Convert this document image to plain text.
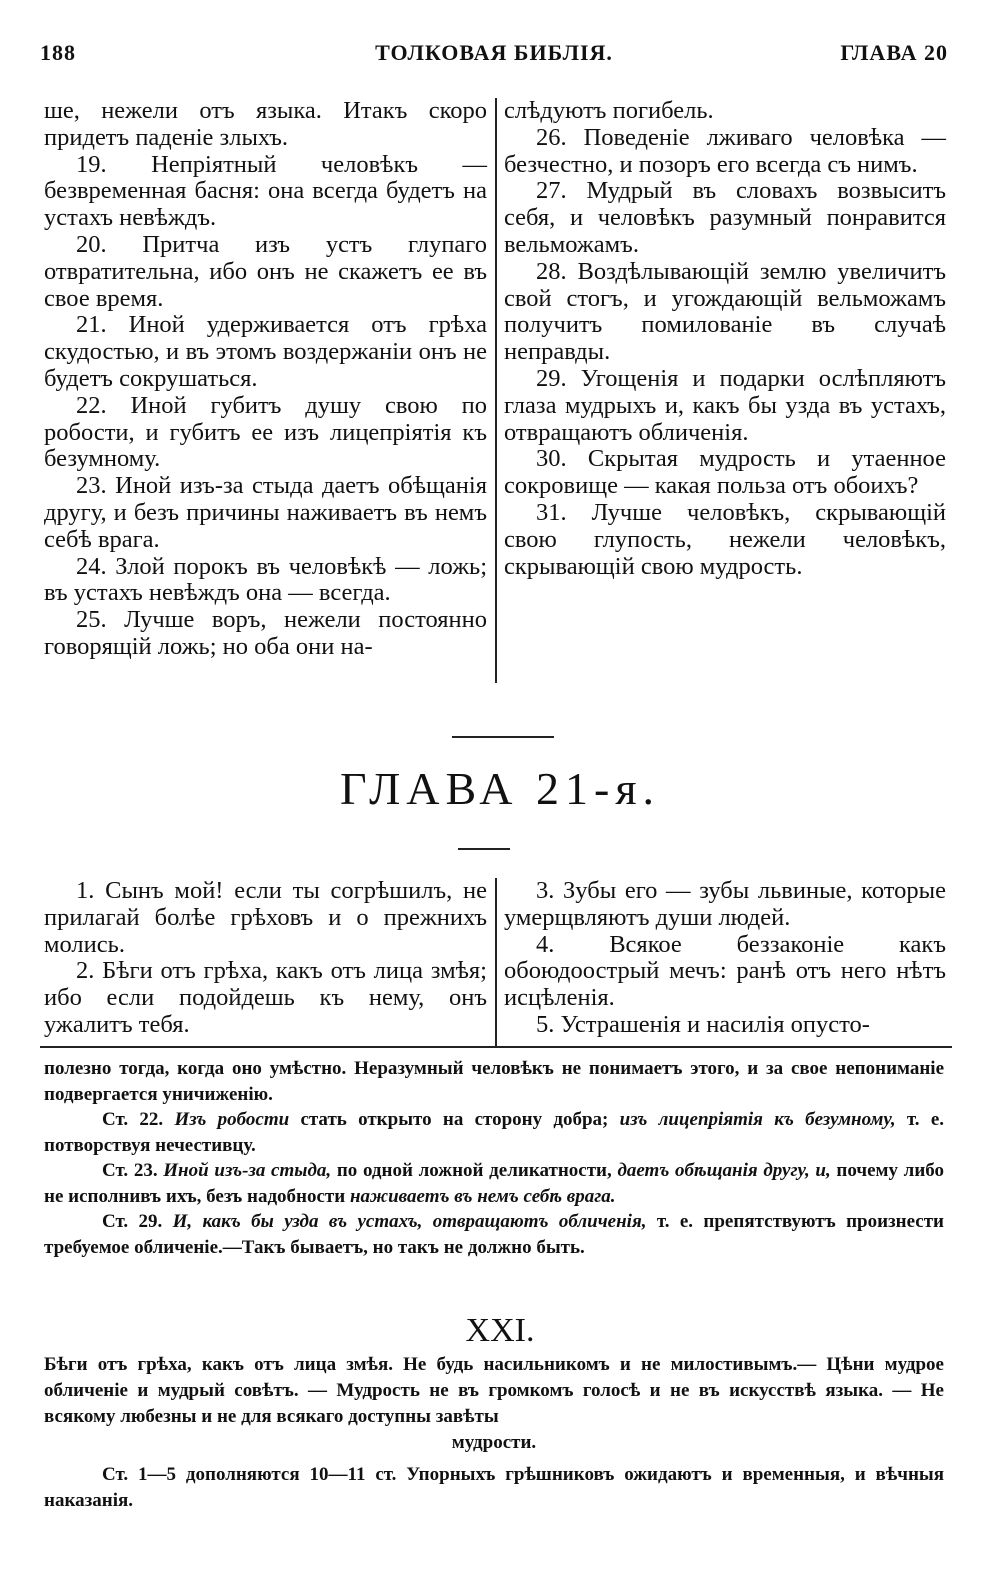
188	ТОЛКОВАЯ БИБЛІЯ.	ГЛАВА 20

ше, нежели отъ языка. Итакъ скоро придетъ паденіе злыхъ.

19. Непріятный человѣкъ — безвременная басня: она всегда будетъ на устахъ невѣждъ.

20. Притча изъ устъ глупаго отвратительна, ибо онъ не скажетъ ее въ свое время.

21. Иной удерживается отъ грѣха скудостью, и въ этомъ воздержаніи онъ не будетъ сокрушаться.

22. Иной губитъ душу свою по робости, и губитъ ее изъ лицепріятія къ безумному.

23. Иной изъ-за стыда даетъ обѣщанія другу, и безъ причины наживаетъ въ немъ себѣ врага.

24. Злой порокъ въ человѣкѣ — ложь; въ устахъ невѣждъ она — всегда.

25. Лучше воръ, нежели постоянно говорящій ложь; но оба они на-

слѣдуютъ погибель.

26. Поведеніе лживаго человѣка — безчестно, и позоръ его всегда съ нимъ.

27. Мудрый въ словахъ возвыситъ себя, и человѣкъ разумный понравится вельможамъ.

28. Воздѣлывающій землю увеличитъ свой стогъ, и угождающій вельможамъ получитъ помилованіе въ случаѣ неправды.

29. Угощенія и подарки ослѣпляютъ глаза мудрыхъ и, какъ бы узда въ устахъ, отвращаютъ обличенія.

30. Скрытая мудрость и утаенное сокровище — какая польза отъ обоихъ?

31. Лучше человѣкъ, скрывающій свою глупость, нежели человѣкъ, скрывающій свою мудрость.

ГЛАВА 21-я.

1. Сынъ мой! если ты согрѣшилъ, не прилагай болѣе грѣховъ и о прежнихъ молись.

2. Бѣги отъ грѣха, какъ отъ лица змѣя; ибо если подойдешь къ нему, онъ ужалитъ тебя.

3. Зубы его — зубы львиные, которые умерщвляютъ души людей.

4. Всякое беззаконіе какъ обоюдоострый мечъ: ранѣ отъ него нѣтъ исцѣленія.

5. Устрашенія и насилія опусто-

полезно тогда, когда оно умѣстно. Неразумный человѣкъ не понимаетъ этого, и за свое непониманіе подвергается уничиженію.

Ст. 22. Изъ робости стать открыто на сторону добра; изъ лицепріятія къ безумному, т. е. потворствуя нечестивцу.

Ст. 23. Иной изъ-за стыда, по одной ложной деликатности, даетъ обѣщанія другу, и, почему либо не исполнивъ ихъ, безъ надобности наживаетъ въ немъ себѣ врага.

Ст. 29. И, какъ бы узда въ устахъ, отвращаютъ обличенія, т. е. препятствуютъ произнести требуемое обличеніе.—Такъ бываетъ, но такъ не должно быть.

XXI.

Бѣги отъ грѣха, какъ отъ лица змѣя. Не будь насильникомъ и не милостивымъ.— Цѣни мудрое обличеніе и мудрый совѣтъ. — Мудрость не въ громкомъ голосѣ и не въ искусствѣ языка. — Не всякому любезны и не для всякаго доступны завѣты

мудрости.

Ст. 1—5 дополняются 10—11 ст. Упорныхъ грѣшниковъ ожидаютъ и временныя, и вѣчныя наказанія.
